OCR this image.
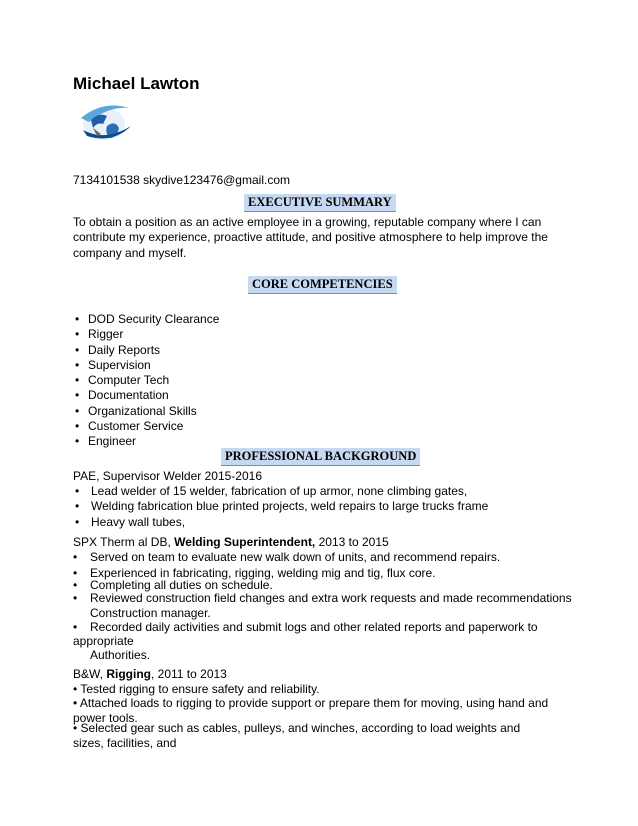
Michael Lawton
7134101538 skydive123476@gmail.com
EXECUTIVE SUMMARY
To obtain a position as an active employee in a growing, reputable company where I can contribute my experience, proactive attitude, and positive atmosphere to help improve the company and myself.
CORE COMPETENCIES
• DOD Security Clearance
• Rigger
• Daily Reports
• Supervision
• Computer Tech
• Documentation
• Organizational Skills
• Customer Service
• Engineer
PROFESSIONAL BACKGROUND
PAE, Supervisor Welder 2015-2016
• Lead welder of 15 welder, fabrication of up armor, none climbing gates,
• Welding fabrication blue printed projects, weld repairs to large trucks frame
• Heavy wall tubes,
SPX Therm al DB, Welding Superintendent, 2013 to 2015
•	Served on team to evaluate new walk down of units, and recommend repairs.
•	Experienced in fabricating, rigging, welding mig and tig, flux core.
•	Completing all duties on schedule.
•	Reviewed construction field changes and extra work requests and made recommendations Construction manager.
•	Recorded daily activities and submit logs and other related reports and paperwork to
appropriate
Authorities.
B&W, Rigging, 2011 to 2013
• Tested rigging to ensure safety and reliability.
• Attached loads to rigging to provide support or prepare them for moving, using hand and power tools.
• Selected gear such as cables, pulleys, and winches, according to load weights and sizes, facilities, and
